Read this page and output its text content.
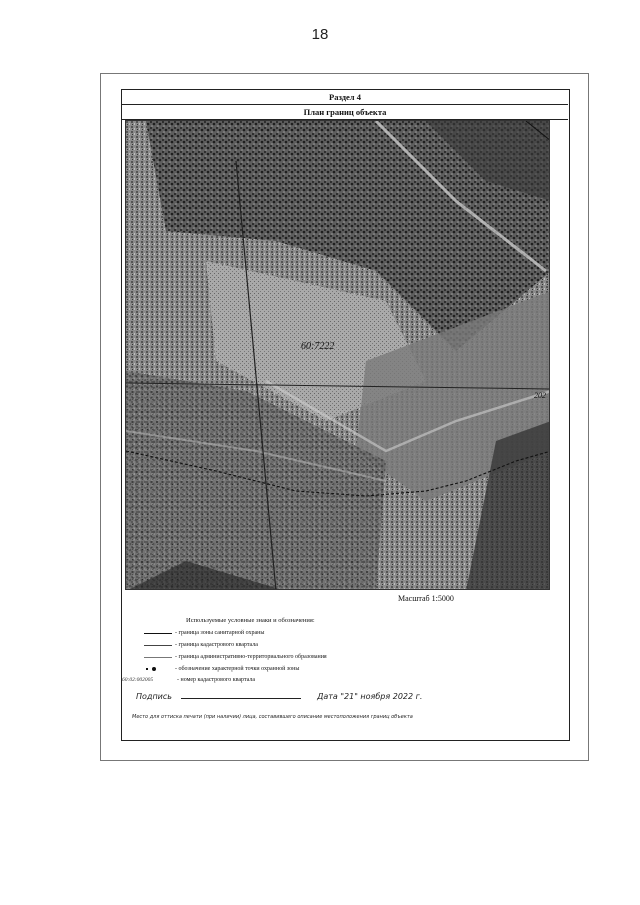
18
Раздел 4
План границ объекта
60:7222
202
Масштаб 1:5000
Используемые условные знаки и обозначения:
- граница зоны санитарной охраны
- граница кадастрового квартала
- граница административно-территориального образования
- обозначение характерной точки охранной зоны
60:02:002005	- номер кадастрового квартала
Подпись	Дата "21" ноября 2022 г.
Место для оттиска печати (при наличии) лица, составившего описание местоположения границ объекта
